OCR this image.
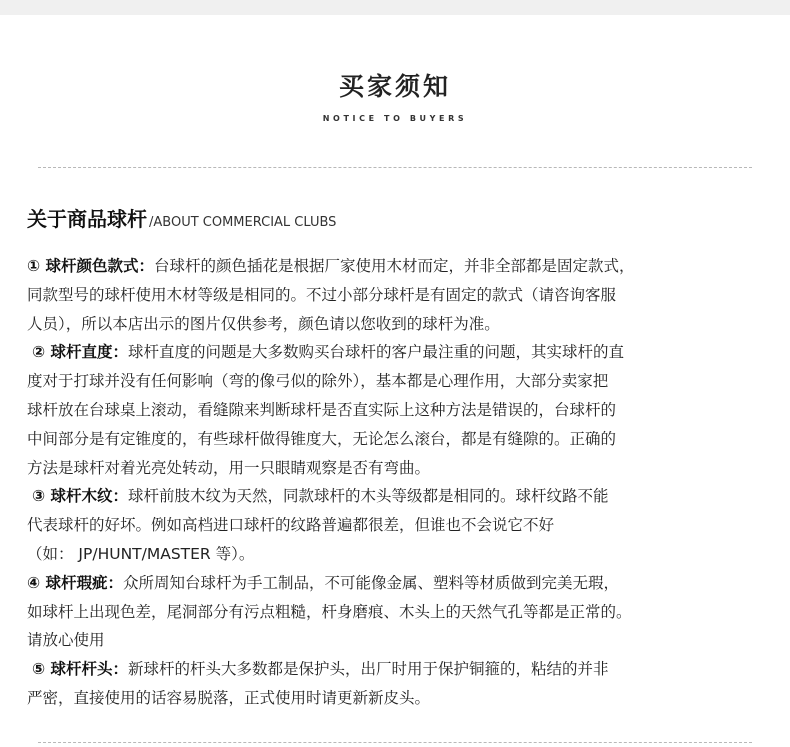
买家须知
NOTICE TO BUYERS
关于商品球杆 /ABOUT COMMERCIAL CLUBS
① 球杆颜色款式：台球杆的颜色插花是根据厂家使用木材而定，并非全部都是固定款式，
同款型号的球杆使用木材等级是相同的。不过小部分球杆是有固定的款式（请咨询客服
人员），所以本店出示的图片仅供参考，颜色请以您收到的球杆为准。
② 球杆直度：球杆直度的问题是大多数购买台球杆的客户最注重的问题，其实球杆的直
度对于打球并没有任何影响（弯的像弓似的除外），基本都是心理作用，大部分卖家把
球杆放在台球桌上滚动，看缝隙来判断球杆是否直实际上这种方法是错误的，台球杆的
中间部分是有定锥度的，有些球杆做得锥度大，无论怎么滚台，都是有缝隙的。正确的
方法是球杆对着光亮处转动，用一只眼睛观察是否有弯曲。
③ 球杆木纹：球杆前肢木纹为天然，同款球杆的木头等级都是相同的。球杆纹路不能
代表球杆的好坏。例如高档进口球杆的纹路普遍都很差，但谁也不会说它不好
（如： JP/HUNT/MASTER 等）。
④ 球杆瑕疵：众所周知台球杆为手工制品，不可能像金属、塑料等材质做到完美无瑕，
如球杆上出现色差，尾洞部分有污点粗糙，杆身磨痕、木头上的天然气孔等都是正常的。
请放心使用
⑤ 球杆杆头：新球杆的杆头大多数都是保护头，出厂时用于保护铜箍的，粘结的并非
严密，直接使用的话容易脱落，正式使用时请更新新皮头。
